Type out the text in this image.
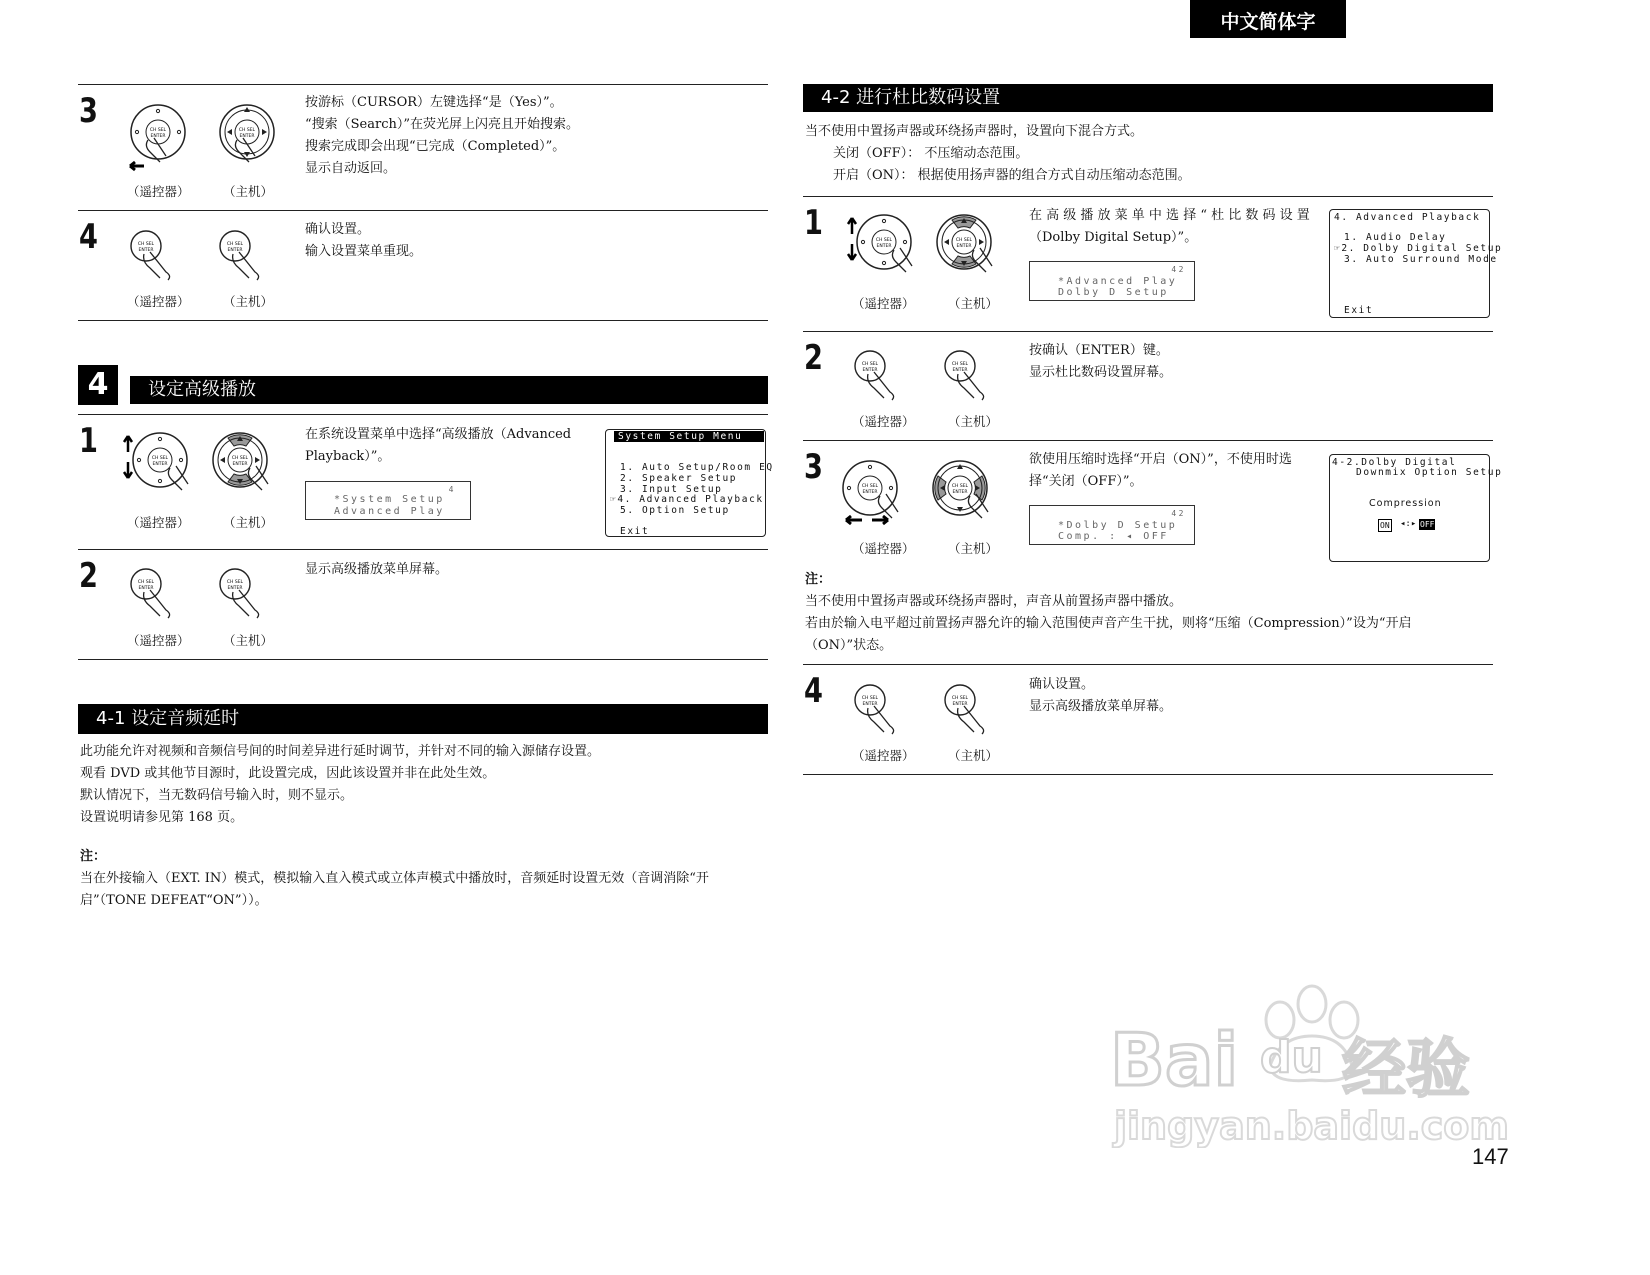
中文简体字
3	CH SEL
ENTER
CH SEL
ENTER
（遥控器）	（主机）
按游标（CURSOR）左键选择“是（Yes）”。
“搜索（Search）”在荧光屏上闪亮且开始搜索。
搜索完成即会出现“已完成（Completed）”。
显示自动返回。
4	CH SEL
ENTER
CH SEL
ENTER
（遥控器）	（主机）
确认设置。
输入设置菜单重现。
4	设定高级播放
1	CH SEL
ENTER
CH SEL
ENTER
（遥控器）	（主机）
在系统设置菜单中选择“高级播放（Advanced
Playback）”。
4
*System Setup
Advanced Play
System Setup Menu
1. Auto Setup/Room EQ
2. Speaker Setup
3. Input Setup
☞4. Advanced Playback
5. Option Setup
Exit
2	CH SEL
ENTER
CH SEL
ENTER
（遥控器）	（主机）
显示高级播放菜单屏幕。
4-1 设定音频延时
此功能允许对视频和音频信号间的时间差异进行延时调节，并针对不同的输入源储存设置。
观看 DVD 或其他节目源时，此设置完成，因此该设置并非在此处生效。
默认情况下，当无数码信号输入时，则不显示。
设置说明请参见第 168 页。
注：
当在外接输入（EXT. IN）模式，模拟输入直入模式或立体声模式中播放时，音频延时设置无效（音调消除“开
启”（TONE DEFEAT“ON”））。
4-2 进行杜比数码设置
当不使用中置扬声器或环绕扬声器时，设置向下混合方式。
关闭（OFF）： 不压缩动态范围。
开启（ON）： 根据使用扬声器的组合方式自动压缩动态范围。
1	CH SEL
ENTER
CH SEL
ENTER
（遥控器）	（主机）
在 高 级 播 放 菜 单 中 选 择 “ 杜 比 数 码 设 置
（Dolby Digital Setup）”。
42
*Advanced Play
Dolby D Setup
4. Advanced Playback
1. Audio Delay
☞2. Dolby Digital Setup
3. Auto Surround Mode
Exit
2	CH SEL
ENTER
CH SEL
ENTER
（遥控器）	（主机）
按确认（ENTER）键。
显示杜比数码设置屏幕。
3	CH SEL
ENTER
CH SEL
ENTER
（遥控器）	（主机）
欲使用压缩时选择“开启（ON）”，不使用时选
择“关闭（OFF）”。
42
*Dolby D Setup
Comp. : ◂ OFF
4-2.Dolby Digital
Downmix Option Setup
Compression
ON ◂:▸ OFF
注：
当不使用中置扬声器或环绕扬声器时，声音从前置扬声器中播放。
若由於输入电平超过前置扬声器允许的输入范围使声音产生干扰，则将“压缩（Compression）”设为“开启
（ON）”状态。
4	CH SEL
ENTER
CH SEL
ENTER
（遥控器）	（主机）
确认设置。
显示高级播放菜单屏幕。
Bai du 经验
jingyan.baidu.com
147
